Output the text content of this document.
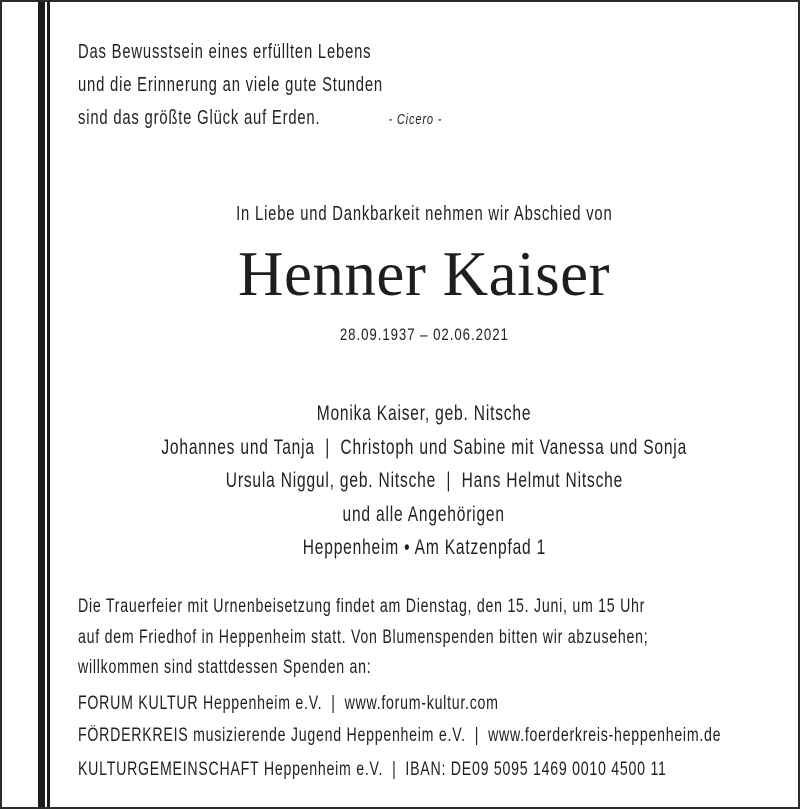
Das Bewusstsein eines erfüllten Lebens
und die Erinnerung an viele gute Stunden
sind das größte Glück auf Erden.	- Cicero -
In Liebe und Dankbarkeit nehmen wir Abschied von
Henner Kaiser
28.09.1937 – 02.06.2021
Monika Kaiser, geb. Nitsche
Johannes und Tanja | Christoph und Sabine mit Vanessa und Sonja
Ursula Niggul, geb. Nitsche | Hans Helmut Nitsche
und alle Angehörigen
Heppenheim • Am Katzenpfad 1
Die Trauerfeier mit Urnenbeisetzung findet am Dienstag, den 15. Juni, um 15 Uhr
auf dem Friedhof in Heppenheim statt. Von Blumenspenden bitten wir abzusehen;
willkommen sind stattdessen Spenden an:
FORUM KULTUR Heppenheim e.V. | www.forum-kultur.com
FÖRDERKREIS musizierende Jugend Heppenheim e.V. | www.foerderkreis-heppenheim.de
KULTURGEMEINSCHAFT Heppenheim e.V. | IBAN: DE09 5095 1469 0010 4500 11
